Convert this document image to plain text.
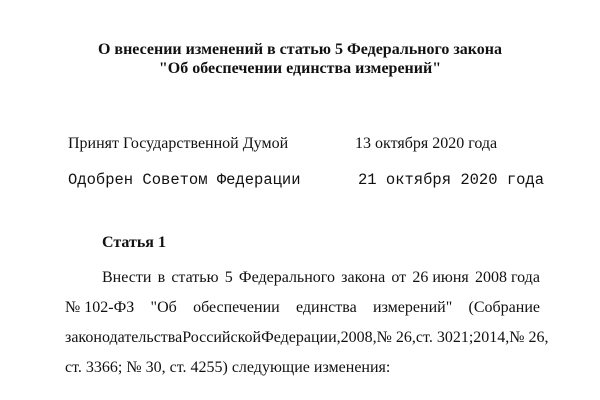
О внесении изменений в статью 5 Федерального закона
"Об обеспечении единства измерений"
Принят Государственной Думой	13 октября 2020 года
Одобрен Советом Федерации	21 октября 2020 года
Статья 1
Внести в статью 5 Федерального закона от 26 июня 2008 года
№ 102-ФЗ "Об обеспечении единства измерений" (Собрание
законодательства Российской Федерации, 2008, № 26, ст. 3021; 2014, № 26,
ст. 3366; № 30, ст. 4255) следующие изменения:
